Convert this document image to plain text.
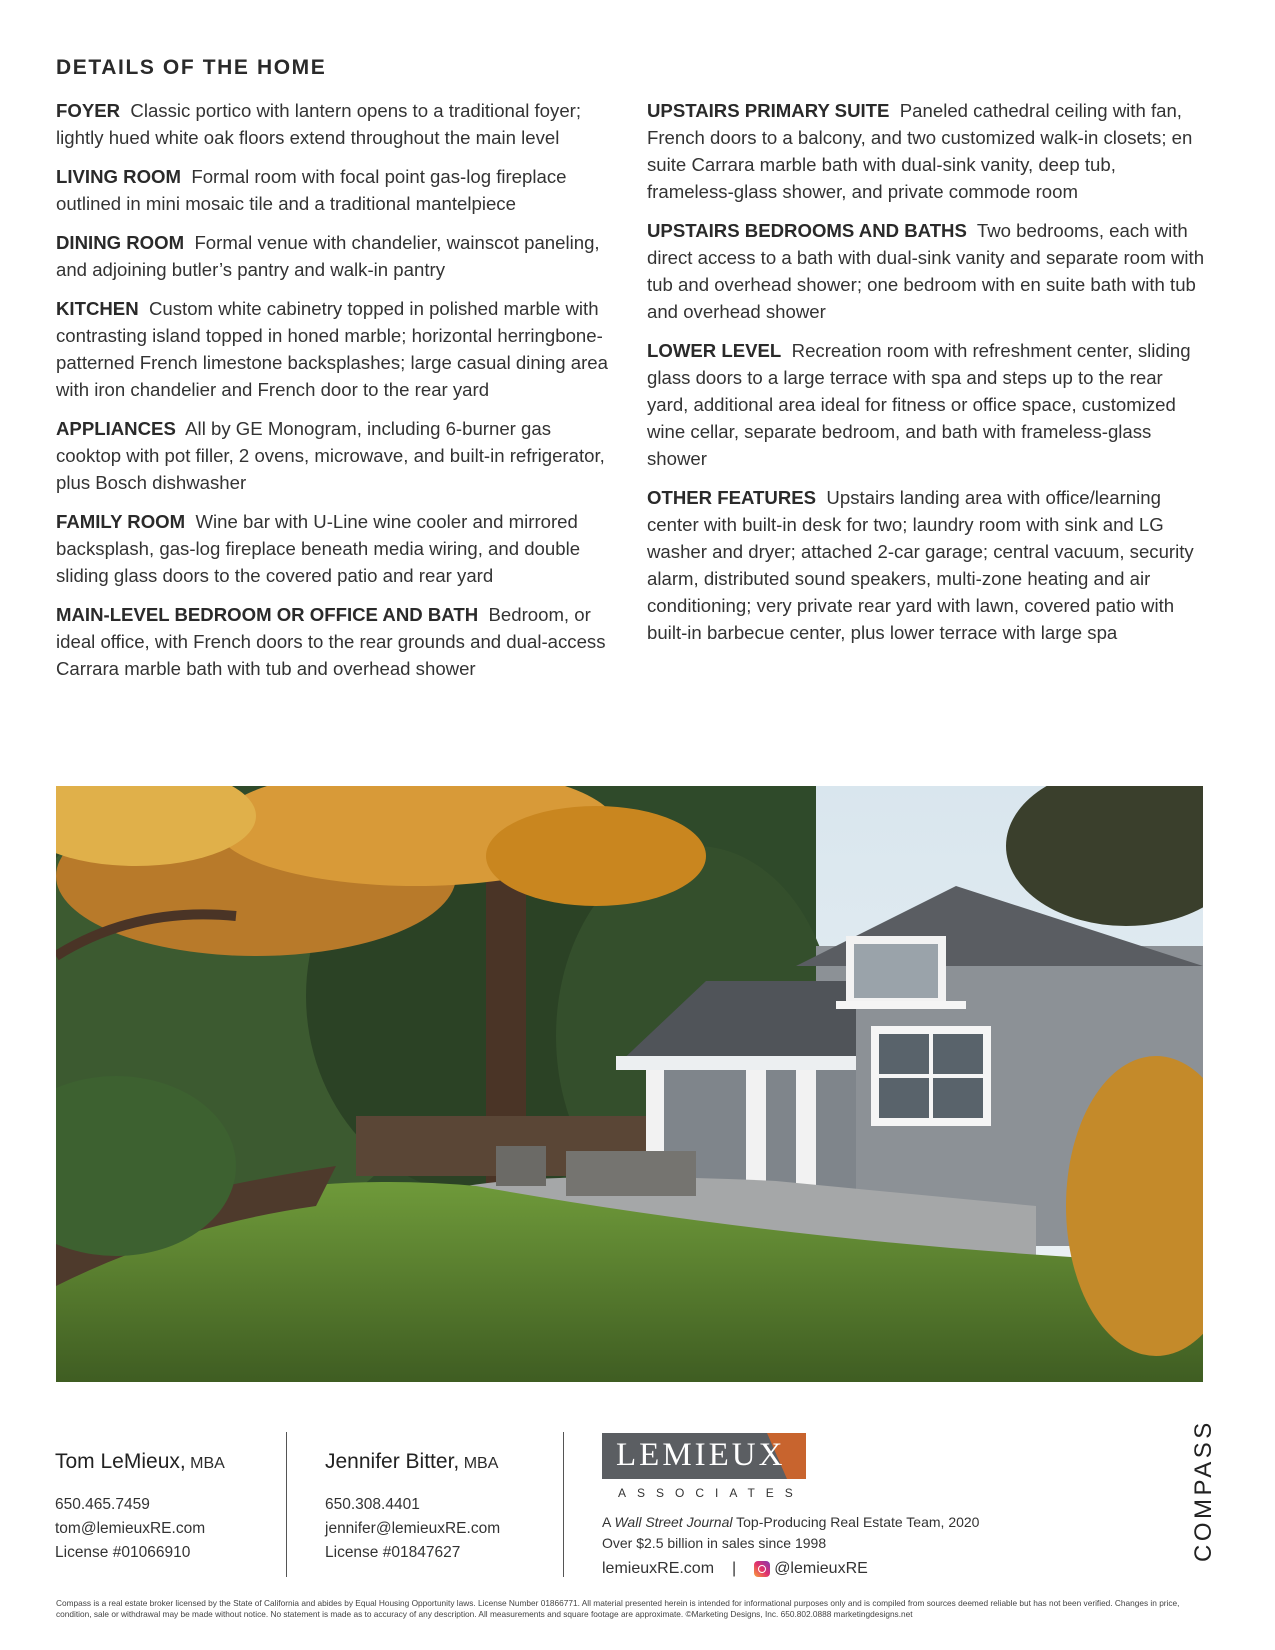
DETAILS OF THE HOME

FOYER Classic portico with lantern opens to a traditional foyer; lightly hued white oak floors extend throughout the main level

LIVING ROOM Formal room with focal point gas-log fireplace outlined in mini mosaic tile and a traditional mantelpiece

DINING ROOM Formal venue with chandelier, wainscot paneling, and adjoining butler’s pantry and walk-in pantry

KITCHEN Custom white cabinetry topped in polished marble with contrasting island topped in honed marble; horizontal herringbone-patterned French limestone backsplashes; large casual dining area with iron chandelier and French door to the rear yard

APPLIANCES All by GE Monogram, including 6-burner gas cooktop with pot filler, 2 ovens, microwave, and built-in refrigerator, plus Bosch dishwasher

FAMILY ROOM Wine bar with U-Line wine cooler and mirrored backsplash, gas-log fireplace beneath media wiring, and double sliding glass doors to the covered patio and rear yard

MAIN-LEVEL BEDROOM OR OFFICE AND BATH Bedroom, or ideal office, with French doors to the rear grounds and dual-access Carrara marble bath with tub and overhead shower

UPSTAIRS PRIMARY SUITE Paneled cathedral ceiling with fan, French doors to a balcony, and two customized walk-in closets; en suite Carrara marble bath with dual-sink vanity, deep tub, frameless-glass shower, and private commode room

UPSTAIRS BEDROOMS AND BATHS Two bedrooms, each with direct access to a bath with dual-sink vanity and separate room with tub and overhead shower; one bedroom with en suite bath with tub and overhead shower

LOWER LEVEL Recreation room with refreshment center, sliding glass doors to a large terrace with spa and steps up to the rear yard, additional area ideal for fitness or office space, customized wine cellar, separate bedroom, and bath with frameless-glass shower

OTHER FEATURES Upstairs landing area with office/learning center with built-in desk for two; laundry room with sink and LG washer and dryer; attached 2-car garage; central vacuum, security alarm, distributed sound speakers, multi-zone heating and air conditioning; very private rear yard with lawn, covered patio with built-in barbecue center, plus lower terrace with large spa

Tom LeMieux, MBA
650.465.7459
tom@lemieuxRE.com
License #01066910
Jennifer Bitter, MBA
650.308.4401
jennifer@lemieuxRE.com
License #01847627
LEMIEUX
ASSOCIATES
A Wall Street Journal Top-Producing Real Estate Team, 2020
Over $2.5 billion in sales since 1998
lemieuxRE.com | @lemieuxRE
COMPASS
Compass is a real estate broker licensed by the State of California and abides by Equal Housing Opportunity laws. License Number 01866771. All material presented herein is intended for informational purposes only and is compiled from sources deemed reliable but has not been verified. Changes in price, condition, sale or withdrawal may be made without notice. No statement is made as to accuracy of any description. All measurements and square footage are approximate. ©Marketing Designs, Inc. 650.802.0888 marketingdesigns.net
